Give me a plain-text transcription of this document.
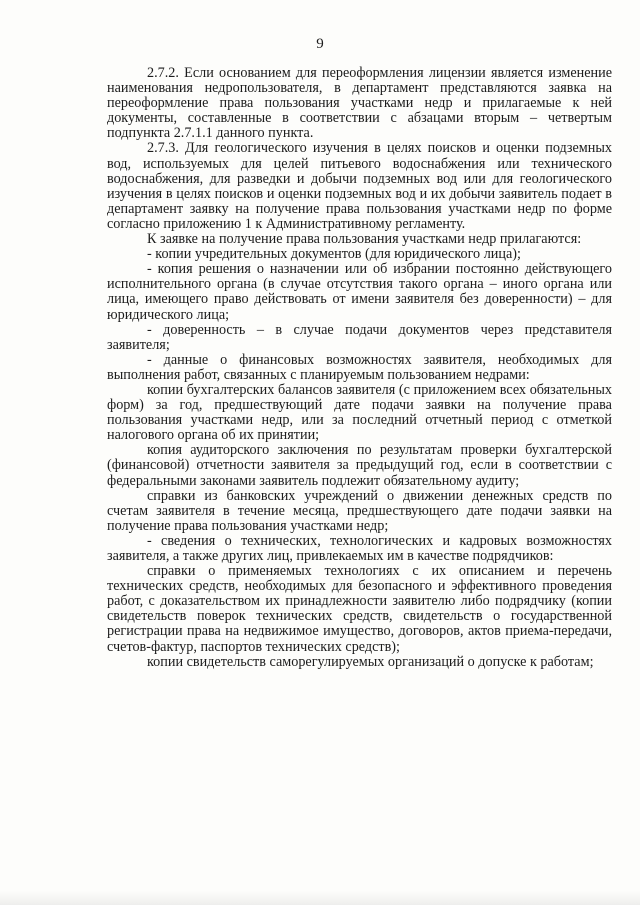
9

2.7.2. Если основанием для переоформления лицензии является изменение наименования недропользователя, в департамент представляются заявка на переоформление права пользования участками недр и прилагаемые к ней документы, составленные в соответствии с абзацами вторым – четвертым подпункта 2.7.1.1 данного пункта.

2.7.3. Для геологического изучения в целях поисков и оценки подземных вод, используемых для целей питьевого водоснабжения или технического водоснабжения, для разведки и добычи подземных вод или для геологического изучения в целях поисков и оценки подземных вод и их добычи заявитель подает в департамент заявку на получение права пользования участками недр по форме согласно приложению 1 к Административному регламенту.

К заявке на получение права пользования участками недр прилагаются:

- копии учредительных документов (для юридического лица);

- копия решения о назначении или об избрании постоянно действующего исполнительного органа (в случае отсутствия такого органа – иного органа или лица, имеющего право действовать от имени заявителя без доверенности) – для юридического лица;

- доверенность – в случае подачи документов через представителя заявителя;

- данные о финансовых возможностях заявителя, необходимых для выполнения работ, связанных с планируемым пользованием недрами:

копии бухгалтерских балансов заявителя (с приложением всех обязательных форм) за год, предшествующий дате подачи заявки на получение права пользования участками недр, или за последний отчетный период с отметкой налогового органа об их принятии;

копия аудиторского заключения по результатам проверки бухгалтерской (финансовой) отчетности заявителя за предыдущий год, если в соответствии с федеральными законами заявитель подлежит обязательному аудиту;

справки из банковских учреждений о движении денежных средств по счетам заявителя в течение месяца, предшествующего дате подачи заявки на получение права пользования участками недр;

- сведения о технических, технологических и кадровых возможностях заявителя, а также других лиц, привлекаемых им в качестве подрядчиков:

справки о применяемых технологиях с их описанием и перечень технических средств, необходимых для безопасного и эффективного проведения работ, с доказательством их принадлежности заявителю либо подрядчику (копии свидетельств поверок технических средств, свидетельств о государственной регистрации права на недвижимое имущество, договоров, актов приема-передачи, счетов-фактур, паспортов технических средств);

копии свидетельств саморегулируемых организаций о допуске к работам;
